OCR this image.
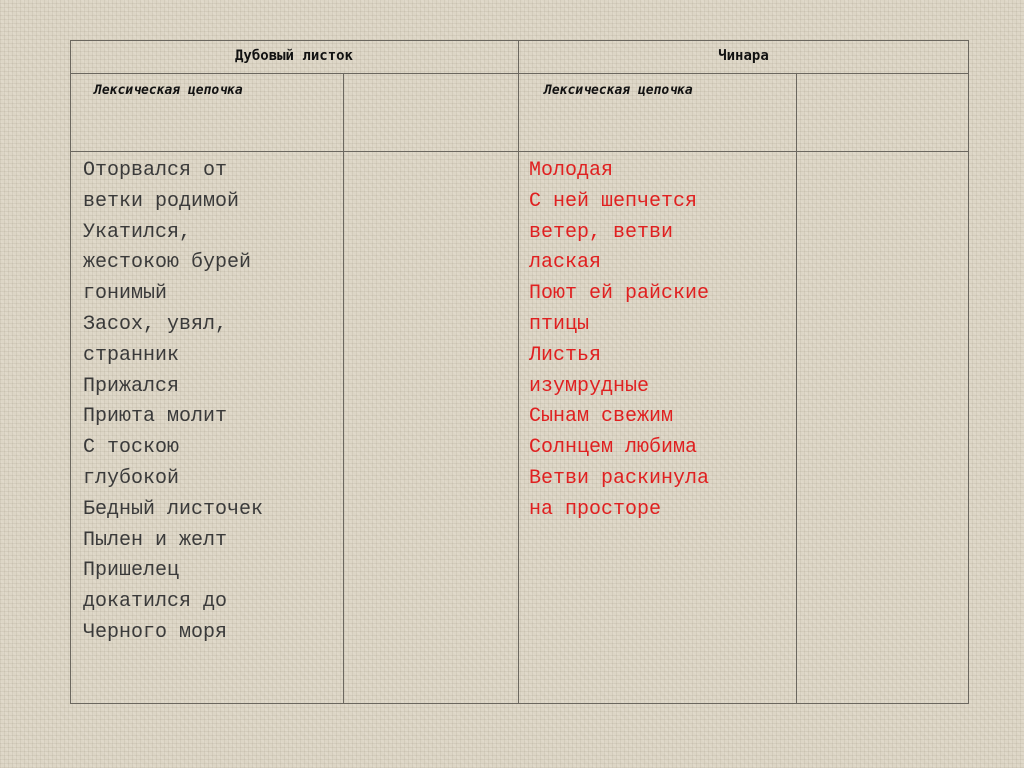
Дубовый листок	Чинара
Лексическая цепочка	Лексическая цепочка
Оторвался от
ветки родимой
Укатился,
жестокою бурей
гонимый
Засох, увял,
странник
Прижался
Приюта молит
С тоскою
глубокой
Бедный листочек
Пылен и желт
Пришелец
докатился до
Черного моря
Молодая
С ней шепчется
ветер, ветви
лаская
Поют ей райские
птицы
Листья
изумрудные
Сынам свежим
Солнцем любима
Ветви раскинула
на просторе
